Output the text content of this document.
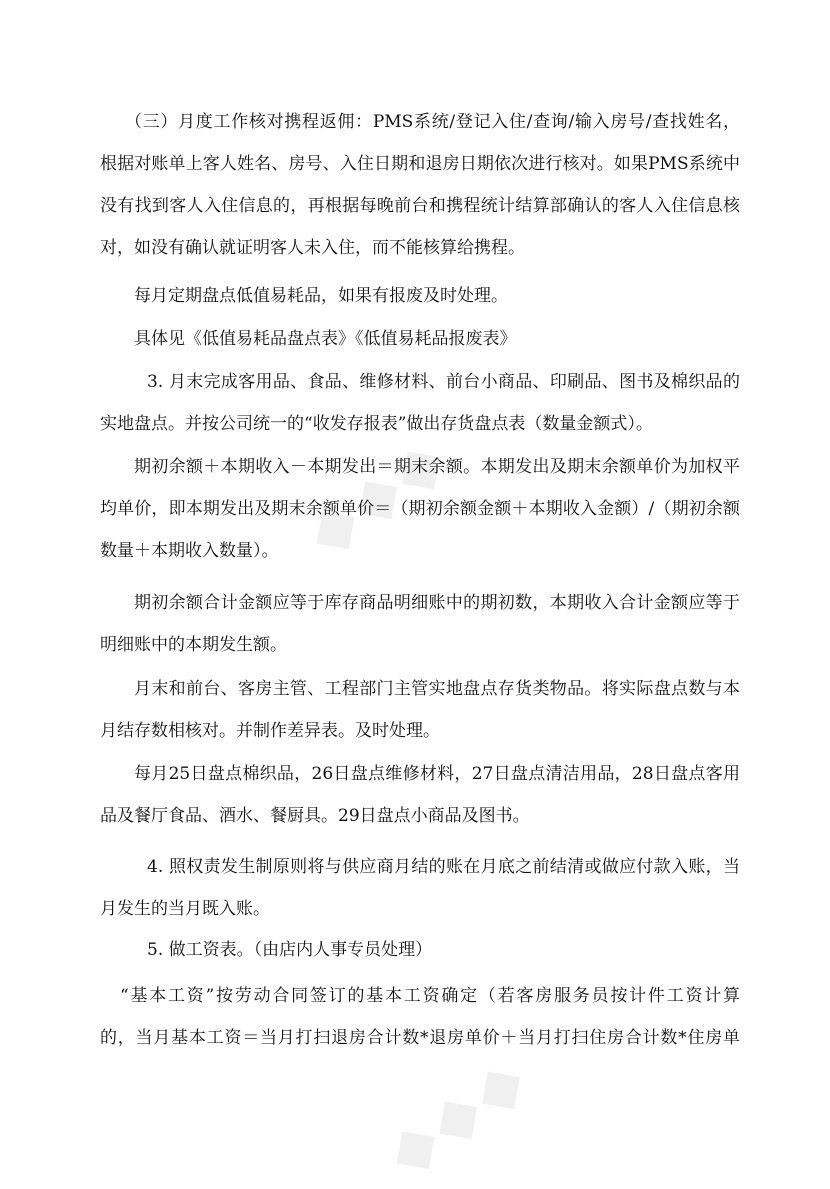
◆◆◆
◆◆◆
（三）月度工作核对携程返佣：PMS系统/登记入住/查询/输入房号/查找姓名，
根据对账单上客人姓名、房号、入住日期和退房日期依次进行核对。如果PMS系统中
没有找到客人入住信息的，再根据每晚前台和携程统计结算部确认的客人入住信息核
对，如没有确认就证明客人未入住，而不能核算给携程。
每月定期盘点低值易耗品，如果有报废及时处理。
具体见《低值易耗品盘点表》《低值易耗品报废表》
3. 月末完成客用品、食品、维修材料、前台小商品、印刷品、图书及棉织品的
实地盘点。并按公司统一的“收发存报表”做出存货盘点表（数量金额式）。
期初余额＋本期收入－本期发出＝期末余额。本期发出及期末余额单价为加权平
均单价，即本期发出及期末余额单价＝（期初余额金额＋本期收入金额）/（期初余额
数量＋本期收入数量）。
期初余额合计金额应等于库存商品明细账中的期初数，本期收入合计金额应等于
明细账中的本期发生额。
月末和前台、客房主管、工程部门主管实地盘点存货类物品。将实际盘点数与本
月结存数相核对。并制作差异表。及时处理。
每月25日盘点棉织品，26日盘点维修材料，27日盘点清洁用品，28日盘点客用
品及餐厅食品、酒水、餐厨具。29日盘点小商品及图书。
4. 照权责发生制原则将与供应商月结的账在月底之前结清或做应付款入账，当
月发生的当月既入账。
5. 做工资表。（由店内人事专员处理）
“基本工资”按劳动合同签订的基本工资确定（若客房服务员按计件工资计算
的，当月基本工资＝当月打扫退房合计数*退房单价＋当月打扫住房合计数*住房单
